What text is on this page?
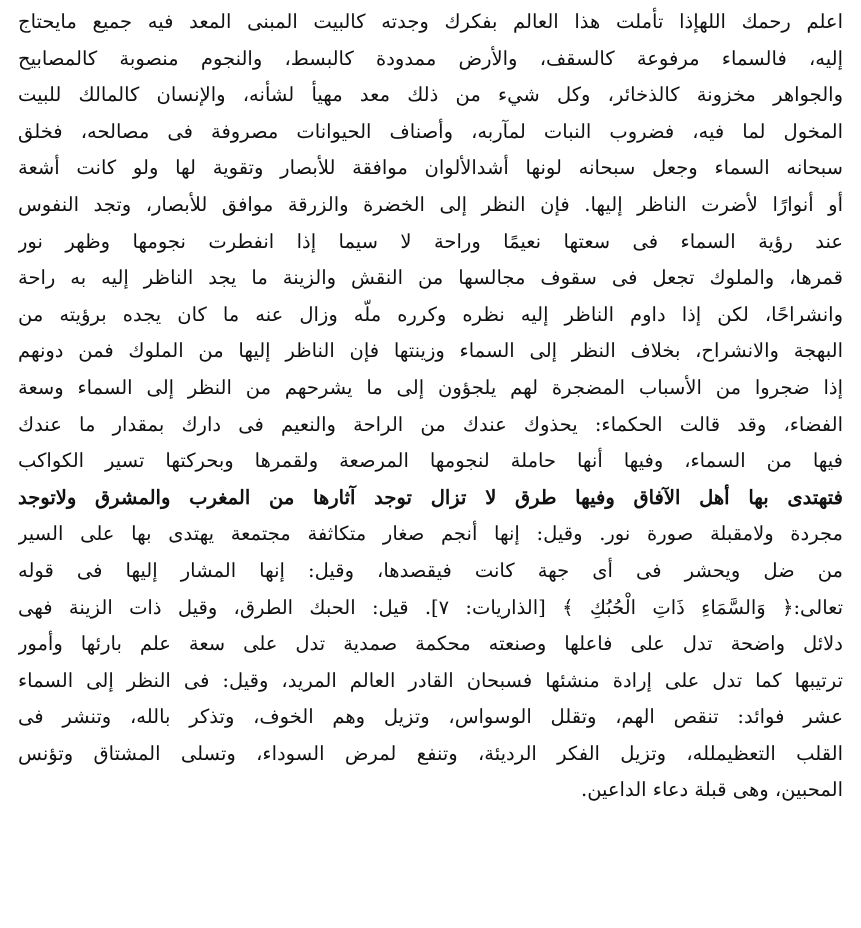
اعلم رحمك اللهإذا تأملت هذا العالم بفكرك وجدته كالبيت المبنى المعد فيه جميع مايحتاج
إليه، فالسماء مرفوعة كالسقف، والأرض ممدودة كالبسط، والنجوم منصوبة كالمصابيح
والجواهر مخزونة كالذخائر، وكل شيء من ذلك معد مهيأ لشأنه، والإنسان كالمالك للبيت
المخول لما فيه، فضروب النبات لمآربه، وأصناف الحيوانات مصروفة فى مصالحه، فخلق
سبحانه السماء وجعل سبحانه لونها أشدالألوان موافقة للأبصار وتقوية لها ولو كانت أشعة
أو أنوارًا لأضرت الناظر إليها. فإن النظر إلى الخضرة والزرقة موافق للأبصار، وتجد النفوس
عند رؤية السماء فى سعتها نعيمًا وراحة لا سيما إذا انفطرت نجومها وظهر نور
قمرها، والملوك تجعل فى سقوف مجالسها من النقش والزينة ما يجد الناظر إليه به راحة
وانشراحًا، لكن إذا داوم الناظر إليه نظره وكرره ملّه وزال عنه ما كان يجده برؤيته من
البهجة والانشراح، بخلاف النظر إلى السماء وزينتها فإن الناظر إليها من الملوك فمن دونهم
إذا ضجروا من الأسباب المضجرة لهم يلجؤون إلى ما يشرحهم من النظر إلى السماء وسعة
الفضاء، وقد قالت الحكماء: يحذوك عندك من الراحة والنعيم فى دارك بمقدار ما عندك
فيها من السماء، وفيها أنها حاملة لنجومها المرصعة ولقمرها وبحركتها تسير الكواكب
فتهتدى بها أهل الآفاق وفيها طرق لا تزال توجد آثارها من المغرب والمشرق ولاتوجد
مجردة ولامقبلة صورة نور. وقيل: إنها أنجم صغار متكاثفة مجتمعة يهتدى بها على السير
من ضل ويحشر فى أى جهة كانت فيقصدها، وقيل: إنها المشار إليها فى قوله
تعالى:﴿ وَالسَّمَاءِ ذَاتِ الْحُبُكِ ﴾ [الذاريات: ٧]. قيل: الحبك الطرق، وقيل ذات الزينة فهى
دلائل واضحة تدل على فاعلها وصنعته محكمة صمدية تدل على سعة علم بارئها وأمور
ترتيبها كما تدل على إرادة منشئها فسبحان القادر العالم المريد، وقيل: فى النظر إلى السماء
عشر فوائد: تنقص الهم، وتقلل الوسواس، وتزيل وهم الخوف، وتذكر بالله، وتنشر فى
القلب التعظيملله، وتزيل الفكر الرديئة، وتنفع لمرض السوداء، وتسلى المشتاق وتؤنس
المحبين، وهى قبلة دعاء الداعين.
